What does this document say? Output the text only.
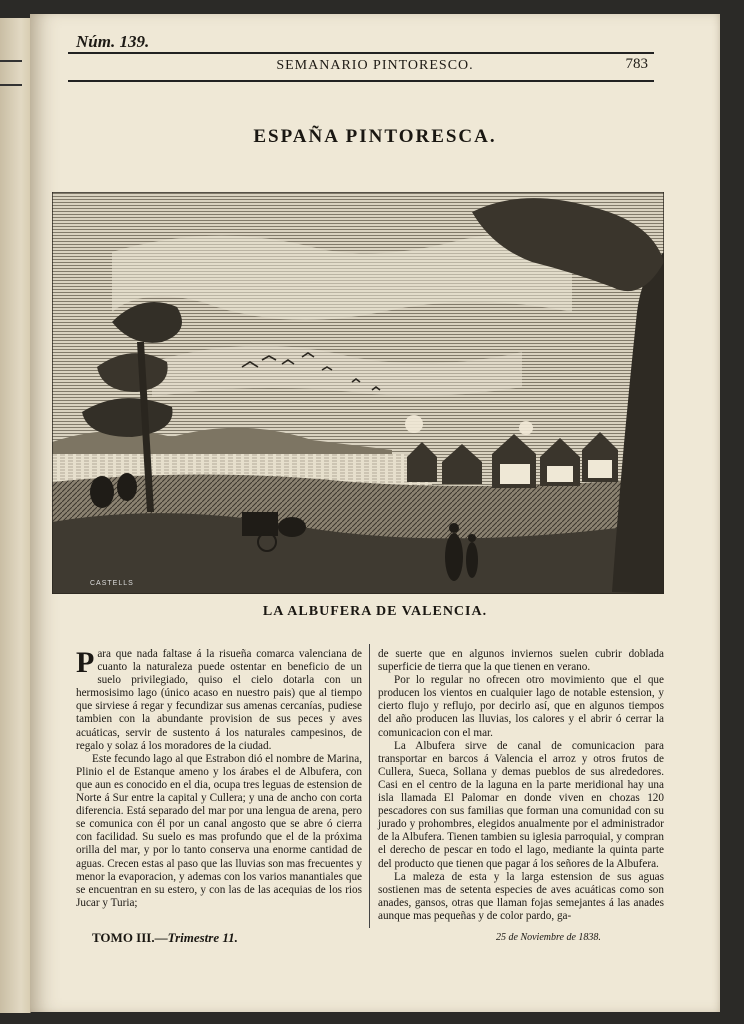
Núm. 139.
SEMANARIO PINTORESCO.	783
ESPAÑA PINTORESCA.
CASTELLS
LA ALBUFERA DE VALENCIA.

Para que nada faltase á la risueña comarca valenciana de cuanto la naturaleza puede ostentar en beneficio de un suelo privilegiado, quiso el cielo dotarla con un hermosisimo lago (único acaso en nuestro pais) que al tiempo que sirviese á regar y fecundizar sus amenas cercanías, pudiese tambien con la abundante provision de sus peces y aves acuáticas, servir de sustento á los naturales campesinos, de regalo y solaz á los moradores de la ciudad.

Este fecundo lago al que Estrabon dió el nombre de Marina, Plinio el de Estanque ameno y los árabes el de Albufera, con que aun es conocido en el dia, ocupa tres leguas de estension de Norte á Sur entre la capital y Cullera; y una de ancho con corta diferencia. Está separado del mar por una lengua de arena, pero se comunica con él por un canal angosto que se abre ó cierra con facilidad. Su suelo es mas profundo que el de la próxima orilla del mar, y por lo tanto conserva una enorme cantidad de aguas. Crecen estas al paso que las lluvias son mas frecuentes y menor la evaporacion, y ademas con los varios manantiales que se encuentran en su estero, y con las de las acequias de los rios Jucar y Turia;

de suerte que en algunos inviernos suelen cubrir doblada superficie de tierra que la que tienen en verano.

Por lo regular no ofrecen otro movimiento que el que producen los vientos en cualquier lago de notable estension, y cierto flujo y reflujo, por decirlo así, que en algunos tiempos del año producen las lluvias, los calores y el abrir ó cerrar la comunicacion con el mar.

La Albufera sirve de canal de comunicacion para transportar en barcos á Valencia el arroz y otros frutos de Cullera, Sueca, Sollana y demas pueblos de sus alrededores. Casi en el centro de la laguna en la parte meridional hay una isla llamada El Palomar en donde viven en chozas 120 pescadores con sus familias que forman una comunidad con su jurado y prohombres, elegidos anualmente por el administrador de la Albufera. Tienen tambien su iglesia parroquial, y compran el derecho de pescar en todo el lago, mediante la quinta parte del producto que tienen que pagar á los señores de la Albufera.

La maleza de esta y la larga estension de sus aguas sostienen mas de setenta especies de aves acuáticas como son anades, gansos, otras que llaman fojas semejantes á las anades aunque mas pequeñas y de color pardo, ga-

TOMO III.—Trimestre 11.	25 de Noviembre de 1838.
